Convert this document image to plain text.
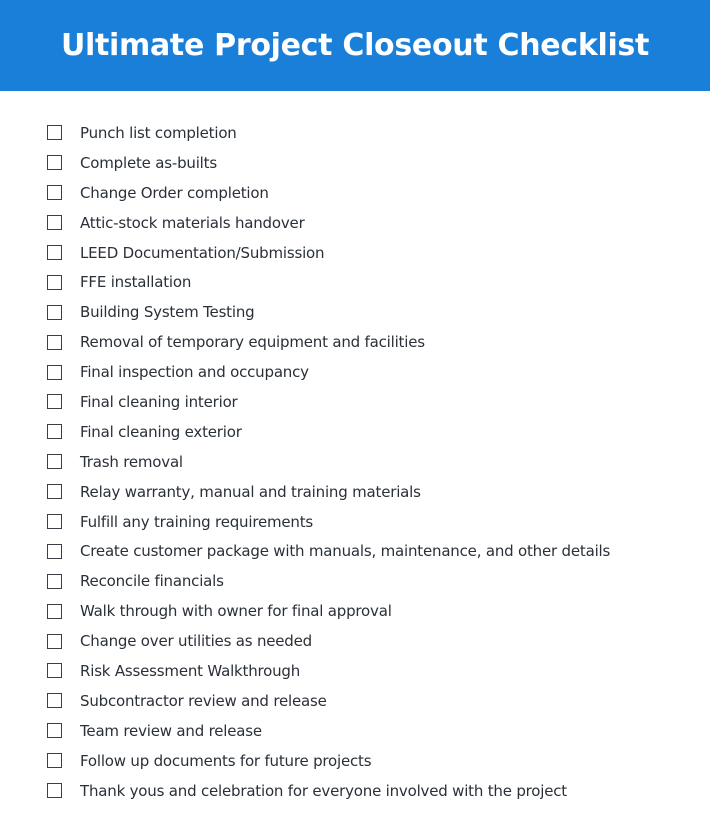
Ultimate Project Closeout Checklist
Punch list completion
Complete as-builts
Change Order completion
Attic-stock materials handover
LEED Documentation/Submission
FFE installation
Building System Testing
Removal of temporary equipment and facilities
Final inspection and occupancy
Final cleaning interior
Final cleaning exterior
Trash removal
Relay warranty, manual and training materials
Fulfill any training requirements
Create customer package with manuals, maintenance, and other details
Reconcile financials
Walk through with owner for final approval
Change over utilities as needed
Risk Assessment Walkthrough
Subcontractor review and release
Team review and release
Follow up documents for future projects
Thank yous and celebration for everyone involved with the project
